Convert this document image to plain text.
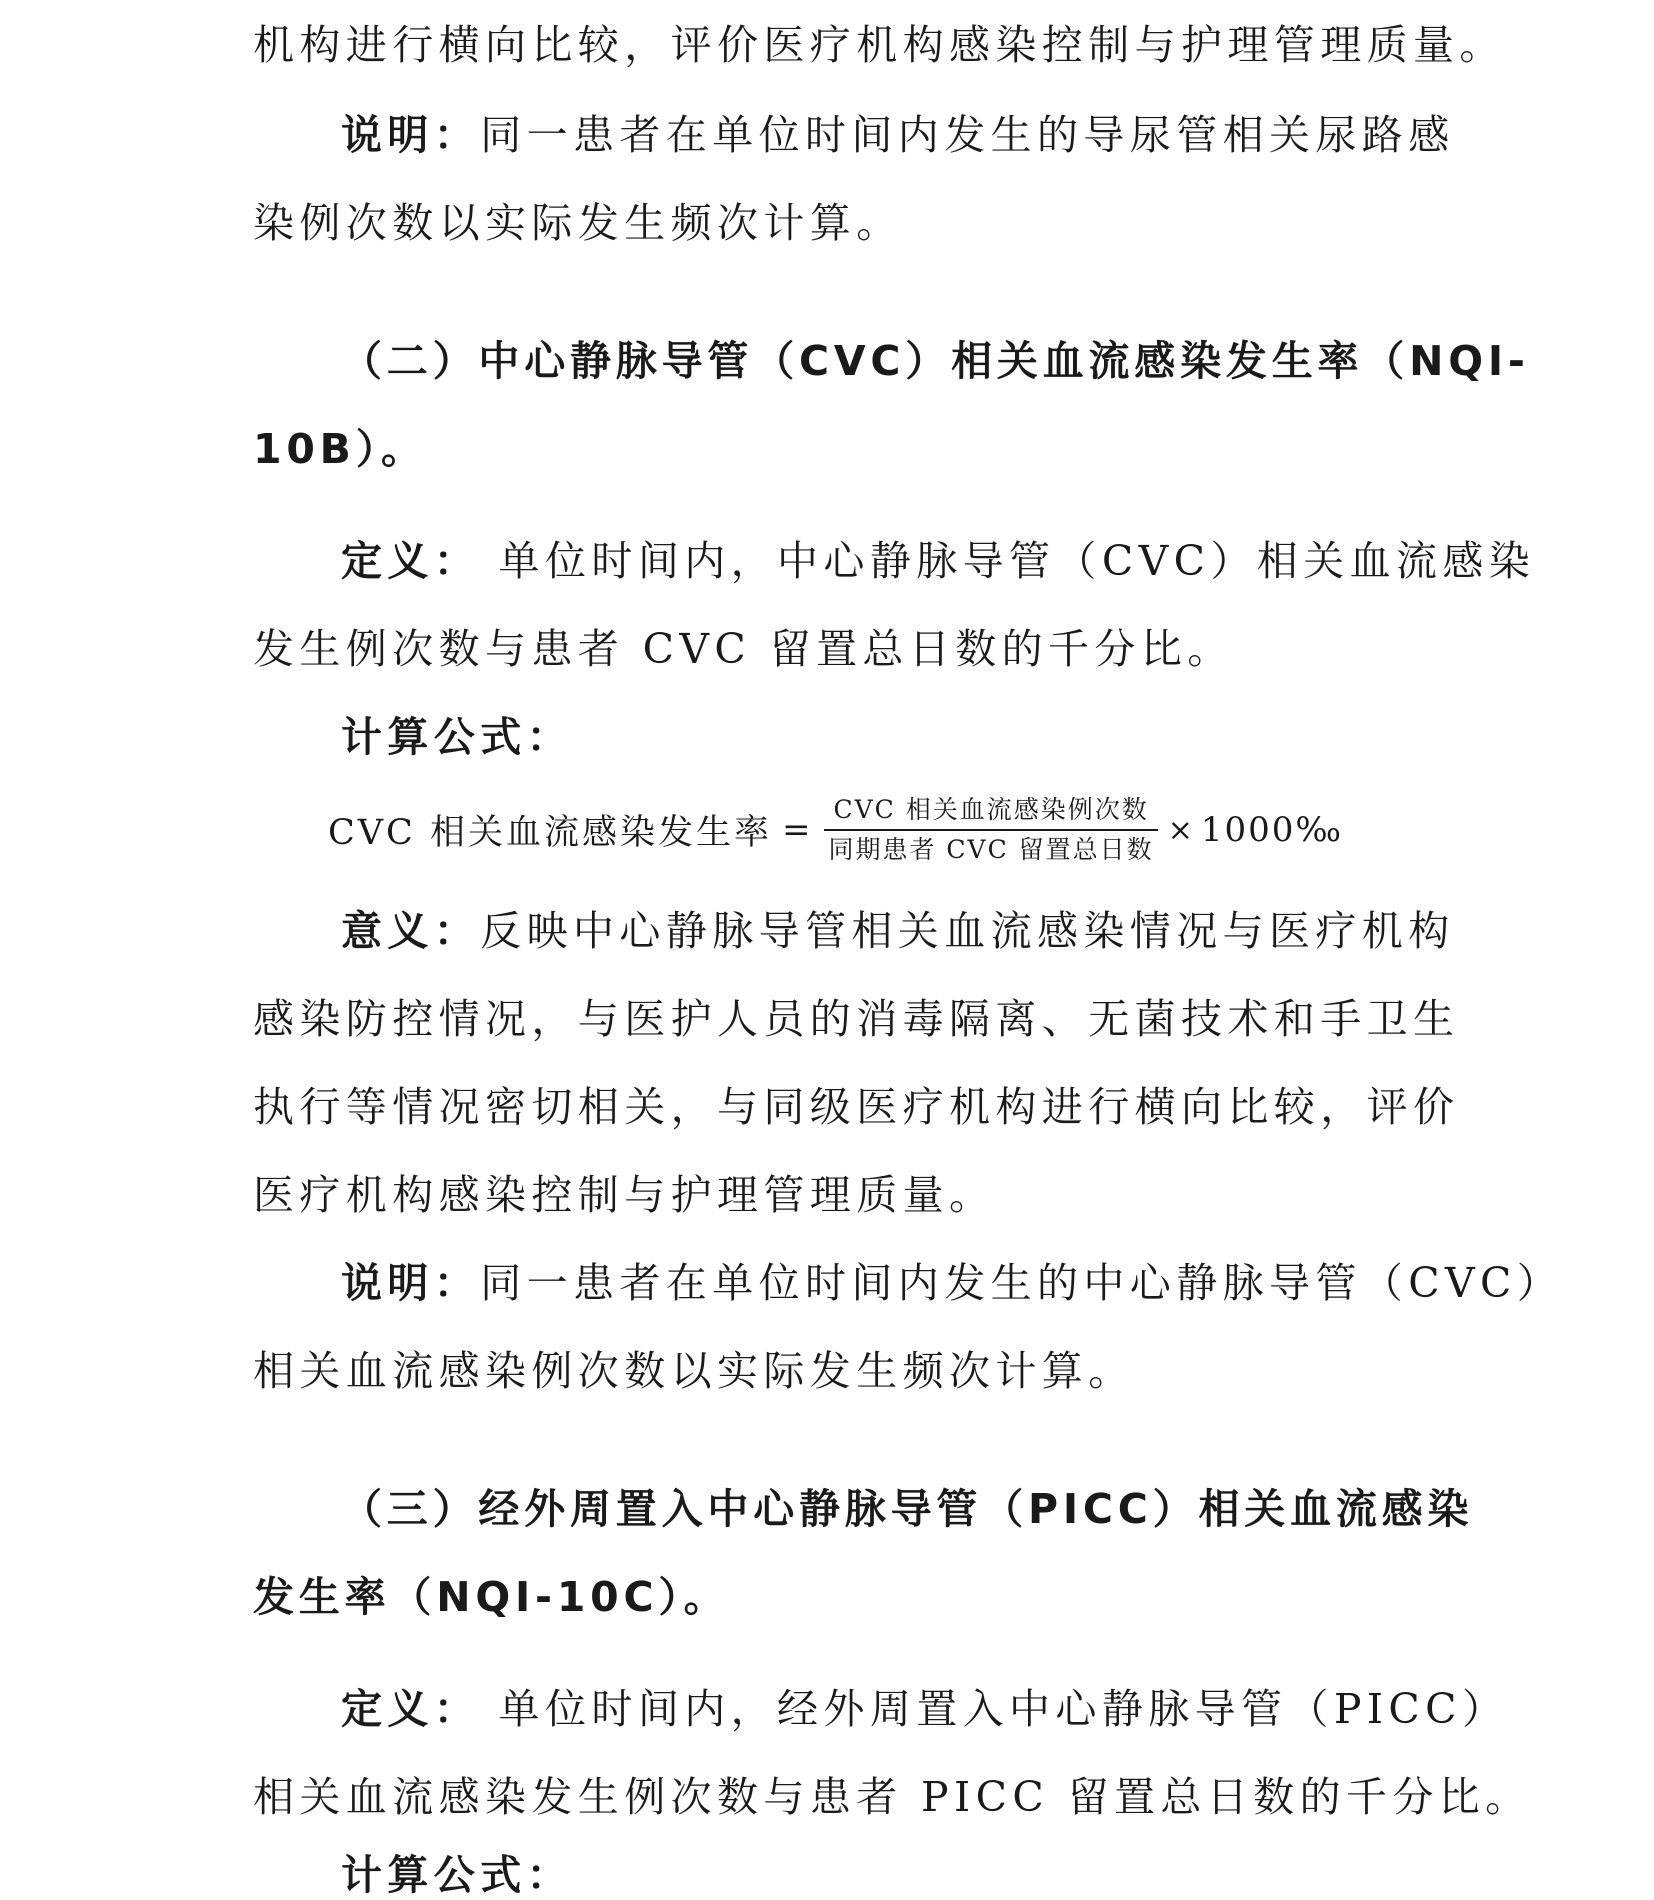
机构进行横向比较，评价医疗机构感染控制与护理管理质量。
说明：同一患者在单位时间内发生的导尿管相关尿路感
染例次数以实际发生频次计算。
（二）中心静脉导管（CVC）相关血流感染发生率（NQI-
10B）。
定义： 单位时间内，中心静脉导管（CVC）相关血流感染
发生例次数与患者 CVC 留置总日数的千分比。
计算公式：
CVC 相关血流感染发生率 = $\frac{\text{CVC 相关血流感染例次数}}{\text{同期患者 CVC 留置总日数}}$ × 1000‰
意义：反映中心静脉导管相关血流感染情况与医疗机构
感染防控情况，与医护人员的消毒隔离、无菌技术和手卫生
执行等情况密切相关，与同级医疗机构进行横向比较，评价
医疗机构感染控制与护理管理质量。
说明：同一患者在单位时间内发生的中心静脉导管（CVC）
相关血流感染例次数以实际发生频次计算。
（三）经外周置入中心静脉导管（PICC）相关血流感染
发生率（NQI-10C）。
定义： 单位时间内，经外周置入中心静脉导管（PICC）
相关血流感染发生例次数与患者 PICC 留置总日数的千分比。
计算公式：
